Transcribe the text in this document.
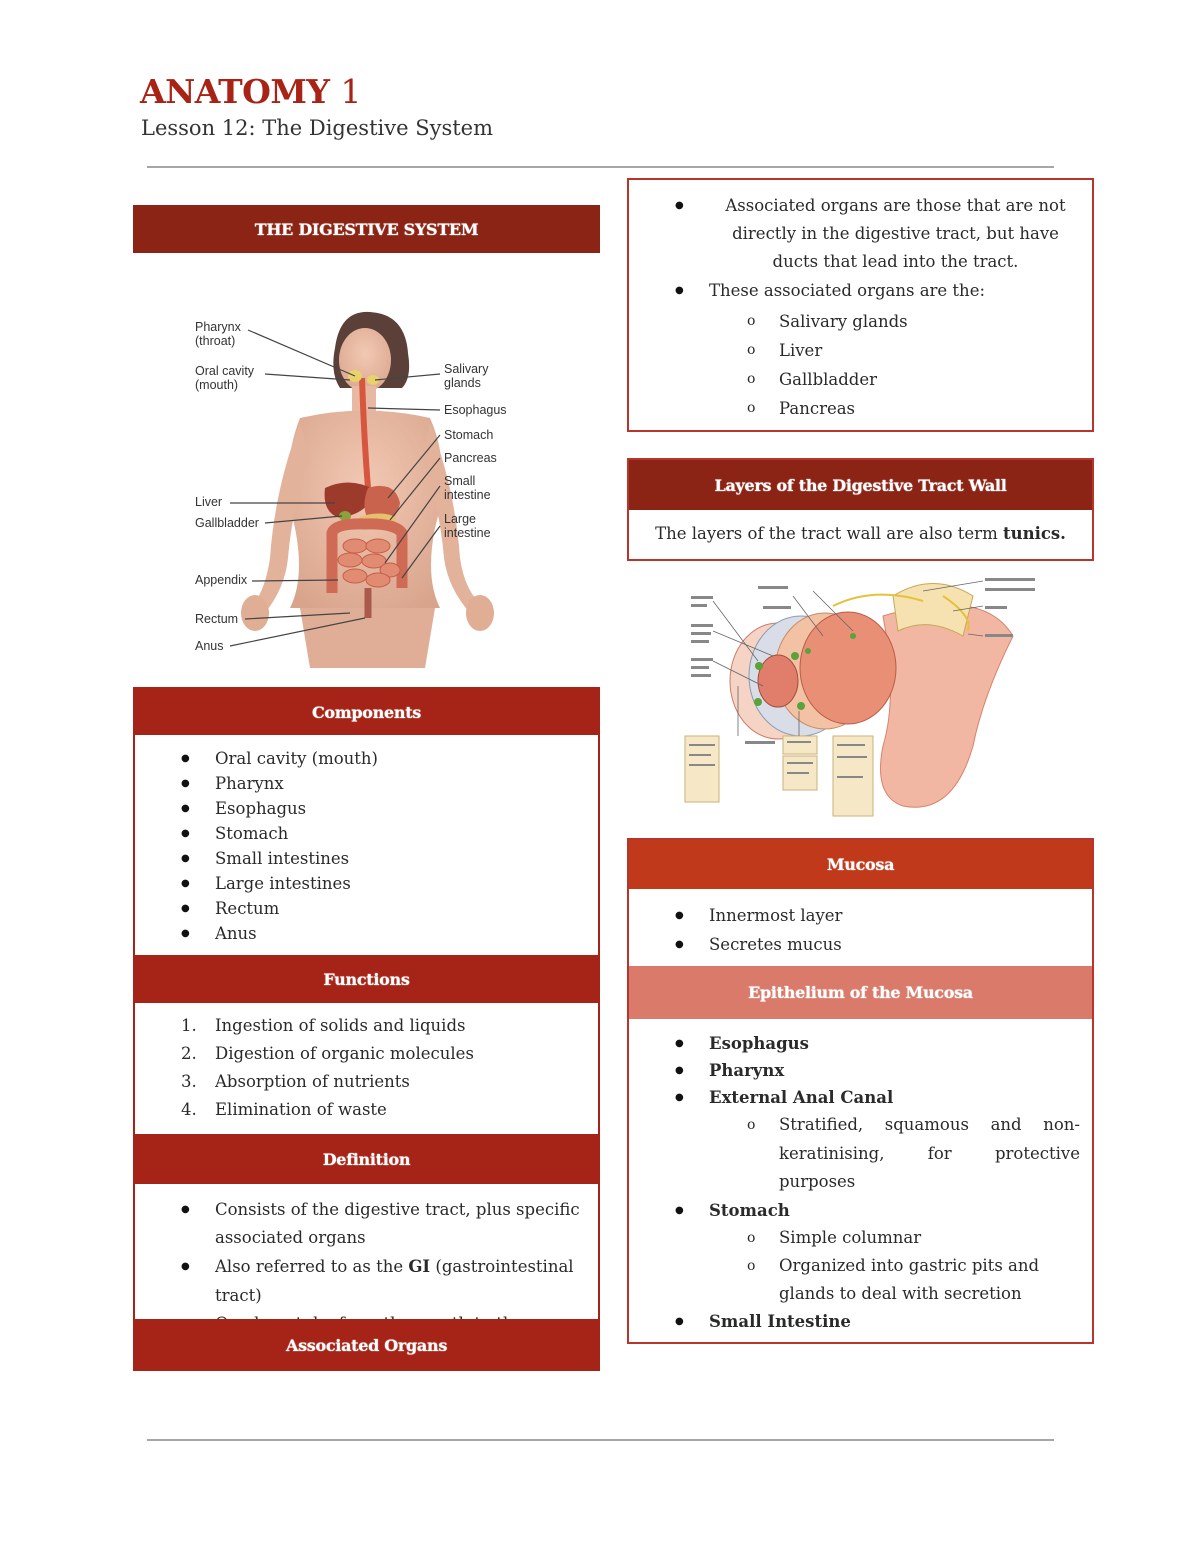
ANATOMY 1
Lesson 12: The Digestive System
THE DIGESTIVE SYSTEM
Pharynx
(throat)
Oral cavity
(mouth)
Liver
Gallbladder
Appendix
Rectum
Anus
Salivary
glands
Esophagus
Stomach
Pancreas
Small
intestine
Large
intestine
Components
● Oral cavity (mouth)
● Pharynx
● Esophagus
● Stomach
● Small intestines
● Large intestines
● Rectum
● Anus
Functions
1. Ingestion of solids and liquids
2. Digestion of organic molecules
3. Absorption of nutrients
4. Elimination of waste
Definition
● Consists of the digestive tract, plus specific associated organs
● Also referred to as the GI (gastrointestinal tract)
●
Associated Organs
● Associated organs are those that are not directly in the digestive tract, but have ducts that lead into the tract.
● These associated organs are the:
o Salivary glands
o Liver
o Gallbladder
o Pancreas
Layers of the Digestive Tract Wall
The layers of the tract wall are also term tunics.
Mucosa
● Innermost layer
● Secretes mucus
Epithelium of the Mucosa
● Esophagus
● Pharynx
● External Anal Canal
o Stratified, squamous and non-keratinising, for protective purposes
● Stomach
o Simple columnar
o Organized into gastric pits and glands to deal with secretion
● Small Intestine
